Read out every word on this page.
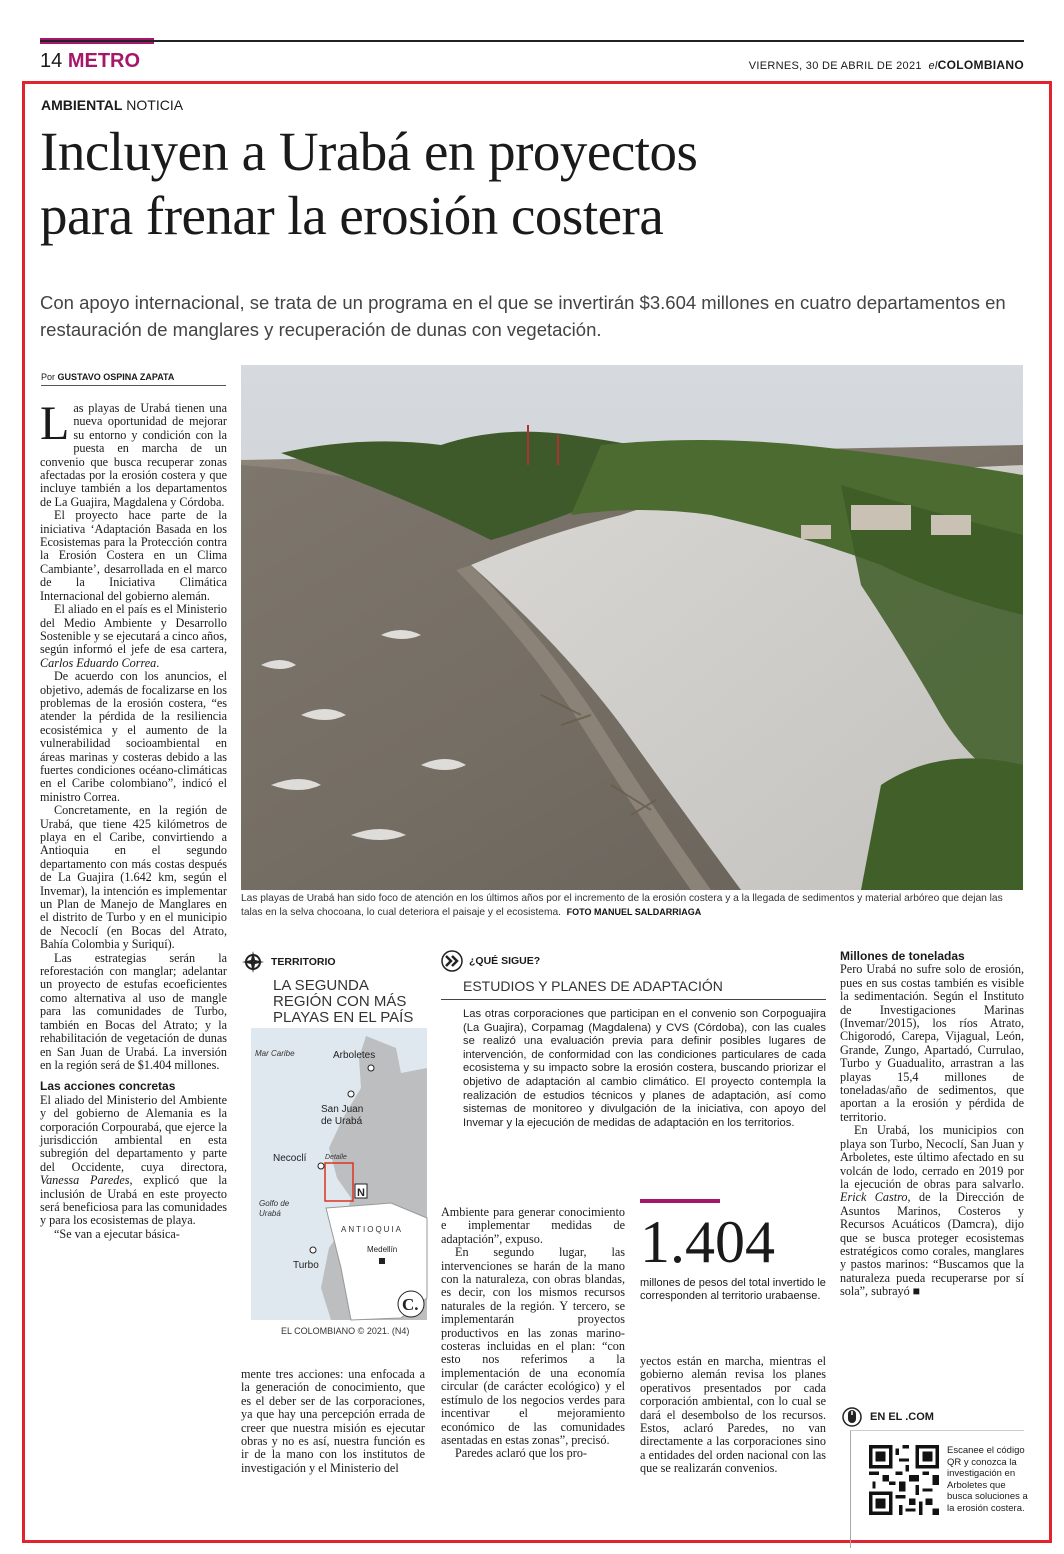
14 METRO	VIERNES, 30 DE ABRIL DE 2021 elCOLOMBIANO
AMBIENTAL NOTICIA
Incluyen a Urabá en proyectos
para frenar la erosión costera
Con apoyo internacional, se trata de un programa en el que se invertirán $3.604 millones en cuatro departamentos en restauración de manglares y recuperación de dunas con vegetación.
Por GUSTAVO OSPINA ZAPATA

Las playas de Urabá tienen una nueva oportunidad de mejorar su entorno y condición con la puesta en marcha de un convenio que busca recuperar zonas afectadas por la erosión costera y que incluye también a los departamentos de La Guajira, Magdalena y Córdoba.

El proyecto hace parte de la iniciativa ‘Adaptación Basada en los Ecosistemas para la Protección contra la Erosión Costera en un Clima Cambiante’, desarrollada en el marco de la Iniciativa Climática Internacional del gobierno alemán.

El aliado en el país es el Ministerio del Medio Ambiente y Desarrollo Sostenible y se ejecutará a cinco años, según informó el jefe de esa cartera, Carlos Eduardo Correa.

De acuerdo con los anuncios, el objetivo, además de focalizarse en los problemas de la erosión costera, “es atender la pérdida de la resiliencia ecosistémica y el aumento de la vulnerabilidad socioambiental en áreas marinas y costeras debido a las fuertes condiciones océano-climáticas en el Caribe colombiano”, indicó el ministro Correa.

Concretamente, en la región de Urabá, que tiene 425 kilómetros de playa en el Caribe, convirtiendo a Antioquia en el segundo departamento con más costas después de La Guajira (1.642 km, según el Invemar), la intención es implementar un Plan de Manejo de Manglares en el distrito de Turbo y en el municipio de Necoclí (en Bocas del Atrato, Bahía Colombia y Suriquí).

Las estrategias serán la reforestación con manglar; adelantar un proyecto de estufas ecoeficientes como alternativa al uso de mangle para las comunidades de Turbo, también en Bocas del Atrato; y la rehabilitación de vegetación de dunas en San Juan de Urabá. La inversión en la región será de $1.404 millones.

Las acciones concretas

El aliado del Ministerio del Ambiente y del gobierno de Alemania es la corporación Corpourabá, que ejerce la jurisdicción ambiental en esta subregión del departamento y parte del Occidente, cuya directora, Vanessa Paredes, explicó que la inclusión de Urabá en este proyecto será beneficiosa para las comunidades y para los ecosistemas de playa.

“Se van a ejecutar básica-

Las playas de Urabá han sido foco de atención en los últimos años por el incremento de la erosión costera y a la llegada de sedimentos y material arbóreo que dejan las talas en la selva chocoana, lo cual deteriora el paisaje y el ecosistema. FOTO MANUEL SALDARRIAGA
TERRITORIO
LA SEGUNDA REGIÓN CON MÁS PLAYAS EN EL PAÍS
Mar Caribe	Arboletes
San Juan
de Urabá
Necoclí	Detalle
Golfo de
Urabá
ANTIOQUIA
Medellín
Turbo
N
C.
EL COLOMBIANO © 2021. (N4)
¿QUÉ SIGUE?
ESTUDIOS Y PLANES DE ADAPTACIÓN
Las otras corporaciones que participan en el convenio son Corpoguajira (La Guajira), Corpamag (Magdalena) y CVS (Córdoba), con las cuales se realizó una evaluación previa para definir posibles lugares de intervención, de conformidad con las condiciones particulares de cada ecosistema y su impacto sobre la erosión costera, buscando priorizar el objetivo de adaptación al cambio climático. El proyecto contempla la realización de estudios técnicos y planes de adaptación, así como sistemas de monitoreo y divulgación de la iniciativa, con apoyo del Invemar y la ejecución de medidas de adaptación en los territorios.

mente tres acciones: una enfocada a la generación de conocimiento, que es el deber ser de las corporaciones, ya que hay una percepción errada de creer que nuestra misión es ejecutar obras y no es así, nuestra función es ir de la mano con los institutos de investigación y el Ministerio del

Ambiente para generar conocimiento e implementar medidas de adaptación”, expuso.

En segundo lugar, las intervenciones se harán de la mano con la naturaleza, con obras blandas, es decir, con los mismos recursos naturales de la región. Y tercero, se implementarán proyectos productivos en las zonas marino-costeras incluidas en el plan: “con esto nos referimos a la implementación de una economía circular (de carácter ecológico) y el estímulo de los negocios verdes para incentivar el mejoramiento económico de las comunidades asentadas en estas zonas”, precisó.

Paredes aclaró que los pro-

1.404
millones de pesos del total invertido le corresponden al territorio urabaense.

yectos están en marcha, mientras el gobierno alemán revisa los planes operativos presentados por cada corporación ambiental, con lo cual se dará el desembolso de los recursos. Estos, aclaró Paredes, no van directamente a las corporaciones sino a entidades del orden nacional con las que se realizarán convenios.

Millones de toneladas

Pero Urabá no sufre solo de erosión, pues en sus costas también es visible la sedimentación. Según el Instituto de Investigaciones Marinas (Invemar/2015), los ríos Atrato, Chigorodó, Carepa, Vijagual, León, Grande, Zungo, Apartadó, Currulao, Turbo y Guadualito, arrastran a las playas 15,4 millones de toneladas/año de sedimentos, que aportan a la erosión y pérdida de territorio.

En Urabá, los municipios con playa son Turbo, Necoclí, San Juan y Arboletes, este último afectado en su volcán de lodo, cerrado en 2019 por la ejecución de obras para salvarlo. Erick Castro, de la Dirección de Asuntos Marinos, Costeros y Recursos Acuáticos (Damcra), dijo que se busca proteger ecosistemas estratégicos como corales, manglares y pastos marinos: “Buscamos que la naturaleza pueda recuperarse por sí sola”, subrayó ■

EN EL .COM
Escanee el código QR y conozca la investigación en Arboletes que busca soluciones a la erosión costera.
